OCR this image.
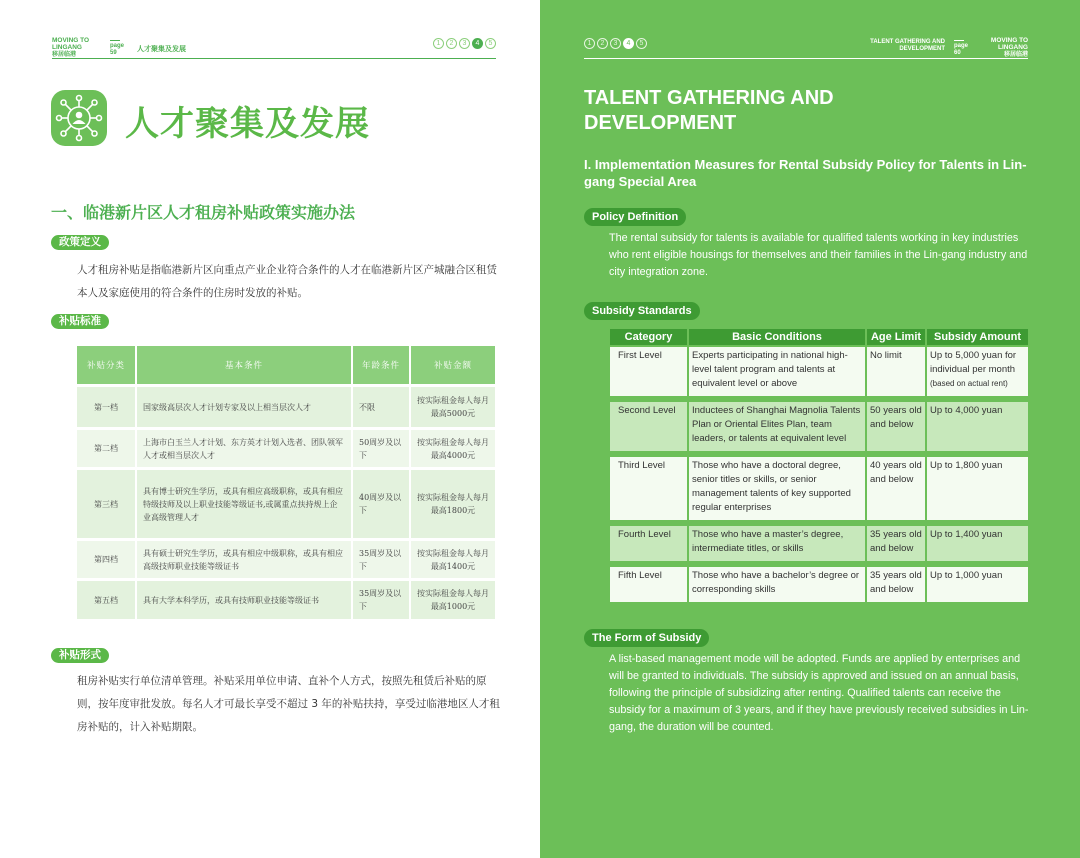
MOVING TO LINGANG
移居临港
page
59	人才聚集及发展
1	2	3	4	5
人才聚集及发展
一、临港新片区人才租房补贴政策实施办法
政策定义
人才租房补贴是指临港新片区向重点产业企业符合条件的人才在临港新片区产城融合区租赁本人及家庭使用的符合条件的住房时发放的补贴。
补贴标准
补贴分类	基本条件	年龄条件	补贴金额
第一档	国家级高层次人才计划专家及以上相当层次人才	不限	按实际租金每人每月最高5000元
第二档	上海市白玉兰人才计划、东方英才计划入选者、团队领军人才或相当层次人才	50周岁及以下	按实际租金每人每月最高4000元
第三档	具有博士研究生学历，或具有相应高级职称，或具有相应特级技师及以上职业技能等级证书,或属重点扶持规上企业高级管理人才	40周岁及以下	按实际租金每人每月最高1800元
第四档	具有硕士研究生学历，或具有相应中级职称，或具有相应高级技师职业技能等级证书	35周岁及以下	按实际租金每人每月最高1400元
第五档	具有大学本科学历，或具有技师职业技能等级证书	35周岁及以下	按实际租金每人每月最高1000元
补贴形式
租房补贴实行单位清单管理。补贴采用单位申请、直补个人方式，按照先租赁后补贴的原则，按年度审批发放。每名人才可最长享受不超过 3 年的补贴扶持，享受过临港地区人才租房补贴的，计入补贴期限。
1	2	3	4	5	TALENT GATHERING AND DEVELOPMENT page
60
MOVING TO LINGANG
移居临港
TALENT GATHERING AND DEVELOPMENT
I. Implementation Measures for Rental Subsidy Policy for Talents in Lin-gang Special Area
Policy Definition
The rental subsidy for talents is available for qualified talents working in key industries who rent eligible housings for themselves and their families in the Lin-gang industry and city integration zone.
Subsidy Standards
Category	Basic Conditions	Age Limit	Subsidy Amount
First Level	Experts participating in national high-level talent program and talents at equivalent level or above	No limit	Up to 5,000 yuan for individual per month
(based on actual rent)
Second Level	Inductees of Shanghai Magnolia Talents Plan or Oriental Elites Plan, team leaders, or talents at equivalent level	50 years old and below	Up to 4,000 yuan
Third Level	Those who have a doctoral degree, senior titles or skills, or senior management talents of key supported regular enterprises	40 years old and below	Up to 1,800 yuan
Fourth Level	Those who have a master’s degree, intermediate titles, or skills	35 years old and below	Up to 1,400 yuan
Fifth Level	Those who have a bachelor’s degree or corresponding skills	35 years old and below	Up to 1,000 yuan
The Form of Subsidy
A list-based management mode will be adopted. Funds are applied by enterprises and will be granted to individuals. The subsidy is approved and issued on an annual basis, following the principle of subsidizing after renting. Qualified talents can receive the subsidy for a maximum of 3 years, and if they have previously received subsidies in Lin-gang, the duration will be counted.
